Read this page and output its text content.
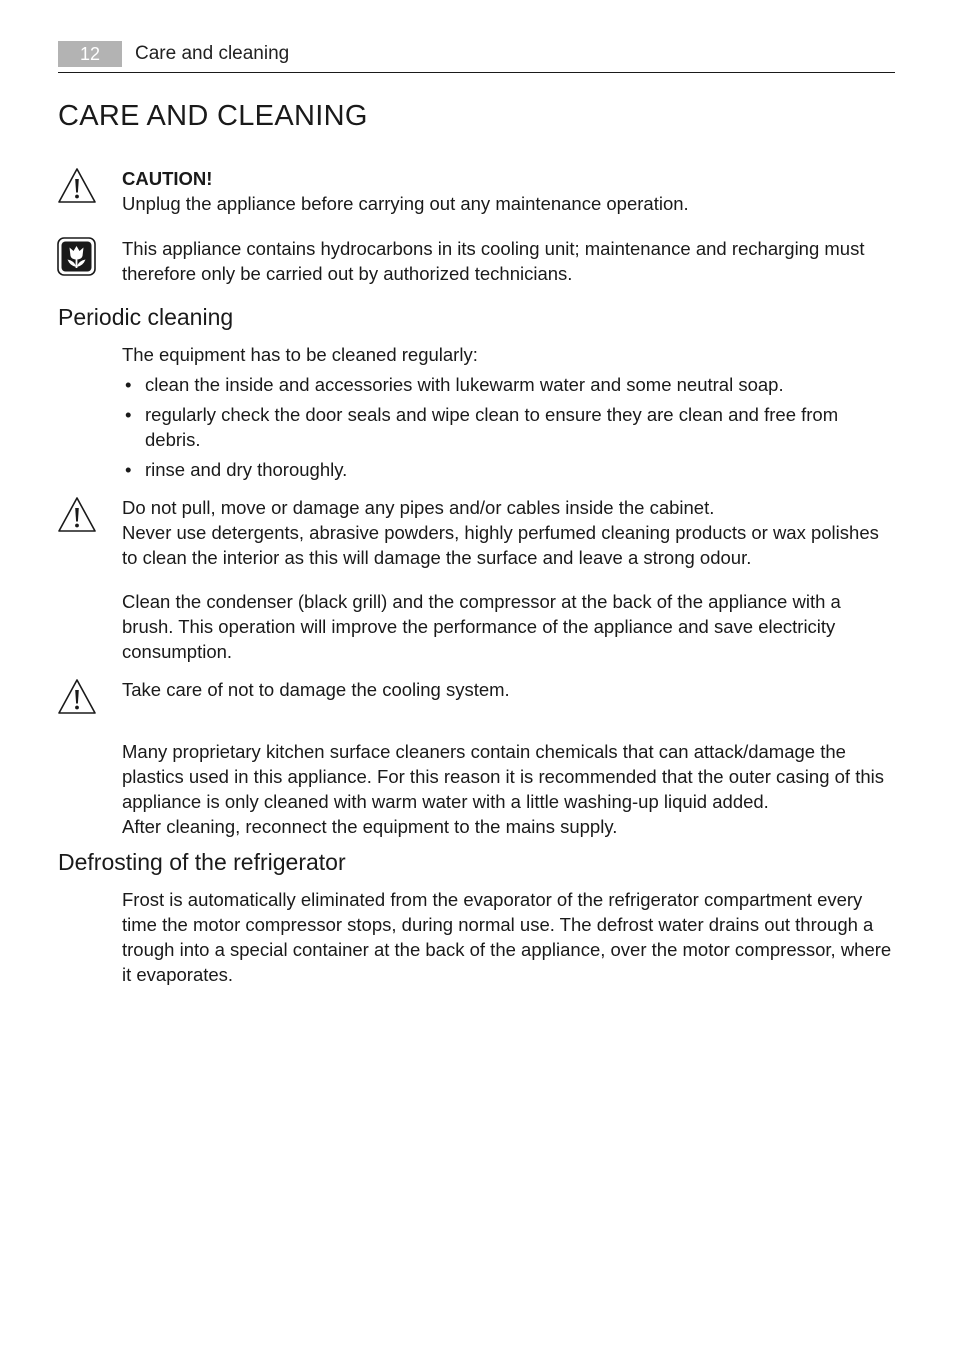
12	Care and cleaning
CARE AND CLEANING

CAUTION!

Unplug the appliance before carrying out any maintenance operation.

This appliance contains hydrocarbons in its cooling unit; maintenance and recharging must therefore only be carried out by authorized technicians.

Periodic cleaning

The equipment has to be cleaned regularly:

• clean the inside and accessories with lukewarm water and some neutral soap.
• regularly check the door seals and wipe clean to ensure they are clean and free from debris.
• rinse and dry thoroughly.

Do not pull, move or damage any pipes and/or cables inside the cabinet.

Never use detergents, abrasive powders, highly perfumed cleaning products or wax polishes to clean the interior as this will damage the surface and leave a strong odour.

Clean the condenser (black grill) and the compressor at the back of the appliance with a brush. This operation will improve the performance of the appliance and save electricity consumption.

Take care of not to damage the cooling system.

Many proprietary kitchen surface cleaners contain chemicals that can attack/damage the plastics used in this appliance. For this reason it is recommended that the outer casing of this appliance is only cleaned with warm water with a little washing-up liquid added.

After cleaning, reconnect the equipment to the mains supply.

Defrosting of the refrigerator

Frost is automatically eliminated from the evaporator of the refrigerator compartment every time the motor compressor stops, during normal use. The defrost water drains out through a trough into a special container at the back of the appliance, over the motor compressor, where it evaporates.
